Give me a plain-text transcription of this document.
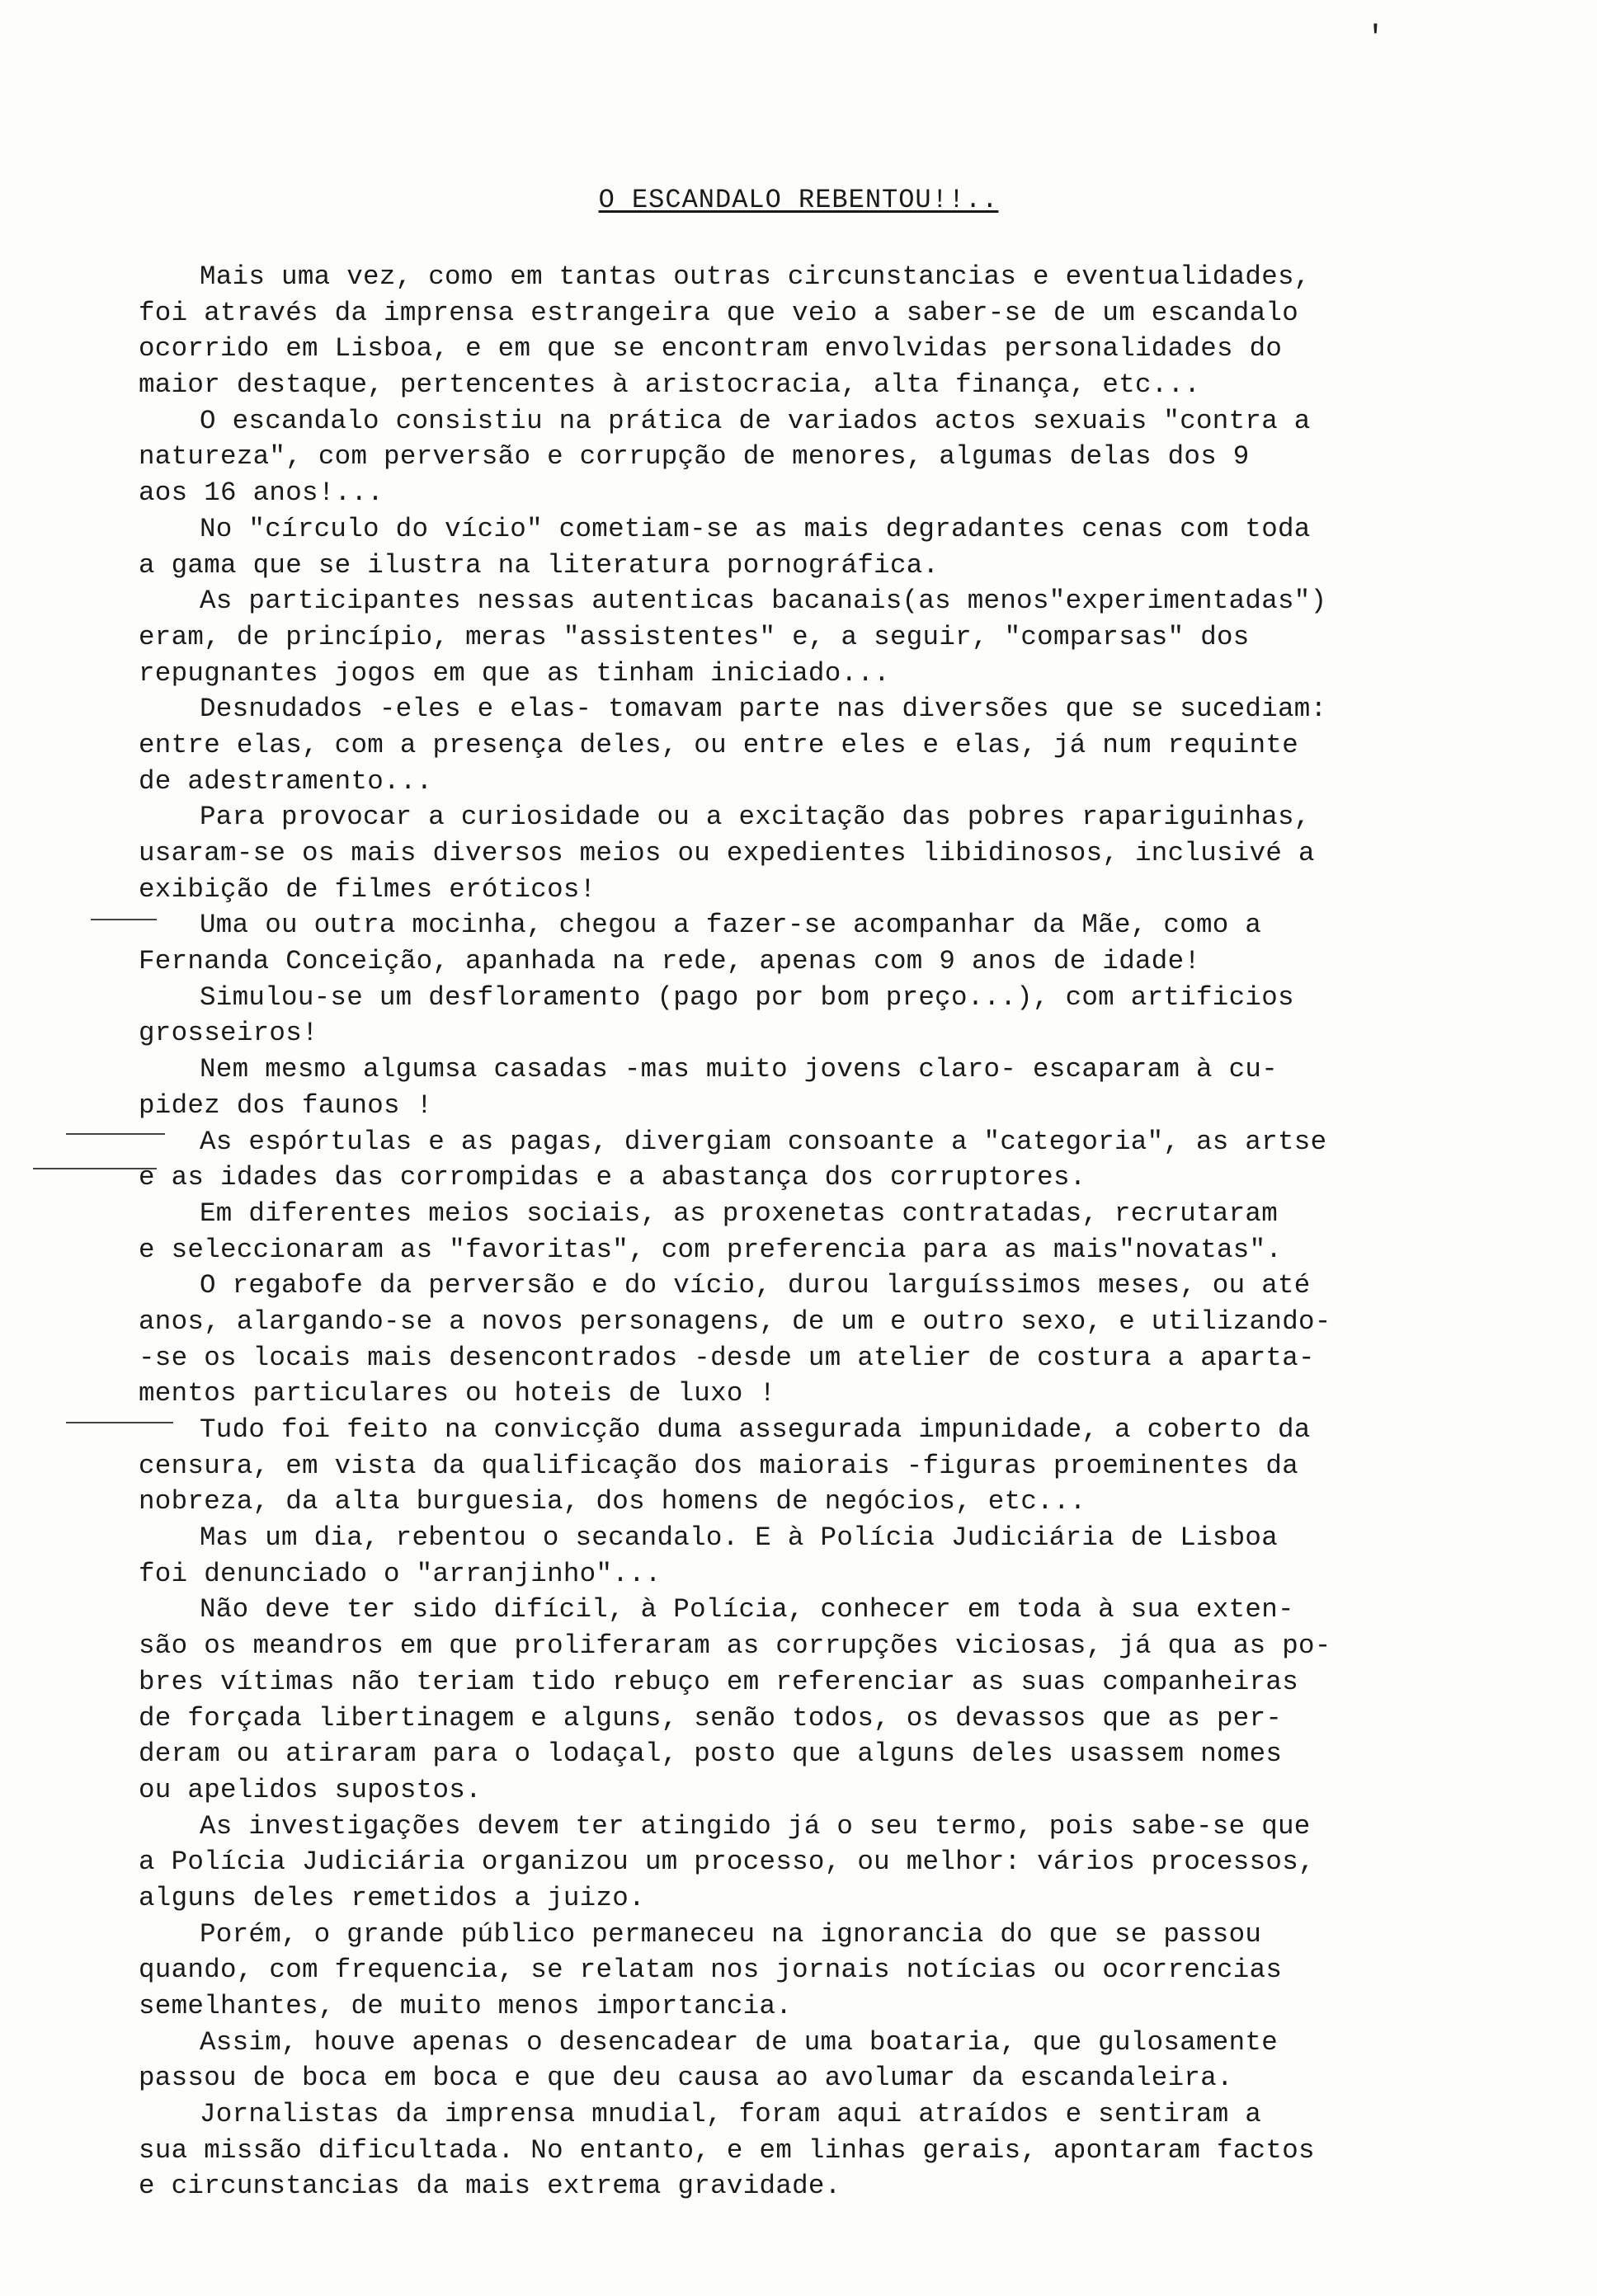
'
O ESCANDALO REBENTOU!!..
Mais uma vez, como em tantas outras circunstancias e eventualidades,
foi através da imprensa estrangeira que veio a saber-se de um escandalo
ocorrido em Lisboa, e em que se encontram envolvidas personalidades do
maior destaque, pertencentes à aristocracia, alta finança, etc...
O escandalo consistiu na prática de variados actos sexuais "contra a
natureza", com perversão e corrupção de menores, algumas delas dos 9
aos 16 anos!...
No "círculo do vício" cometiam-se as mais degradantes cenas com toda
a gama que se ilustra na literatura pornográfica.
As participantes nessas autenticas bacanais(as menos"experimentadas")
eram, de princípio, meras "assistentes" e, a seguir, "comparsas" dos
repugnantes jogos em que as tinham iniciado...
Desnudados -eles e elas- tomavam parte nas diversões que se sucediam:
entre elas, com a presença deles, ou entre eles e elas, já num requinte
de adestramento...
Para provocar a curiosidade ou a excitação das pobres rapariguinhas,
usaram-se os mais diversos meios ou expedientes libidinosos, inclusivé a
exibição de filmes eróticos!
Uma ou outra mocinha, chegou a fazer-se acompanhar da Mãe, como a
Fernanda Conceição, apanhada na rede, apenas com 9 anos de idade!
Simulou-se um desfloramento (pago por bom preço...), com artificios
grosseiros!
Nem mesmo algumsa casadas -mas muito jovens claro- escaparam à cu-
pidez dos faunos !
As espórtulas e as pagas, divergiam consoante a "categoria", as artse
e as idades das corrompidas e a abastança dos corruptores.
Em diferentes meios sociais, as proxenetas contratadas, recrutaram
e seleccionaram as "favoritas", com preferencia para as mais"novatas".
O regabofe da perversão e do vício, durou larguíssimos meses, ou até
anos, alargando-se a novos personagens, de um e outro sexo, e utilizando-
-se os locais mais desencontrados -desde um atelier de costura a aparta-
mentos particulares ou hoteis de luxo !
Tudo foi feito na convicção duma assegurada impunidade, a coberto da
censura, em vista da qualificação dos maiorais -figuras proeminentes da
nobreza, da alta burguesia, dos homens de negócios, etc...
Mas um dia, rebentou o secandalo. E à Polícia Judiciária de Lisboa
foi denunciado o "arranjinho"...
Não deve ter sido difícil, à Polícia, conhecer em toda à sua exten-
são os meandros em que proliferaram as corrupções viciosas, já qua as po-
bres vítimas não teriam tido rebuço em referenciar as suas companheiras
de forçada libertinagem e alguns, senão todos, os devassos que as per-
deram ou atiraram para o lodaçal, posto que alguns deles usassem nomes
ou apelidos supostos.
As investigações devem ter atingido já o seu termo, pois sabe-se que
a Polícia Judiciária organizou um processo, ou melhor: vários processos,
alguns deles remetidos a juizo.
Porém, o grande público permaneceu na ignorancia do que se passou
quando, com frequencia, se relatam nos jornais notícias ou ocorrencias
semelhantes, de muito menos importancia.
Assim, houve apenas o desencadear de uma boataria, que gulosamente
passou de boca em boca e que deu causa ao avolumar da escandaleira.
Jornalistas da imprensa mnudial, foram aqui atraídos e sentiram a
sua missão dificultada. No entanto, e em linhas gerais, apontaram factos
e circunstancias da mais extrema gravidade.
